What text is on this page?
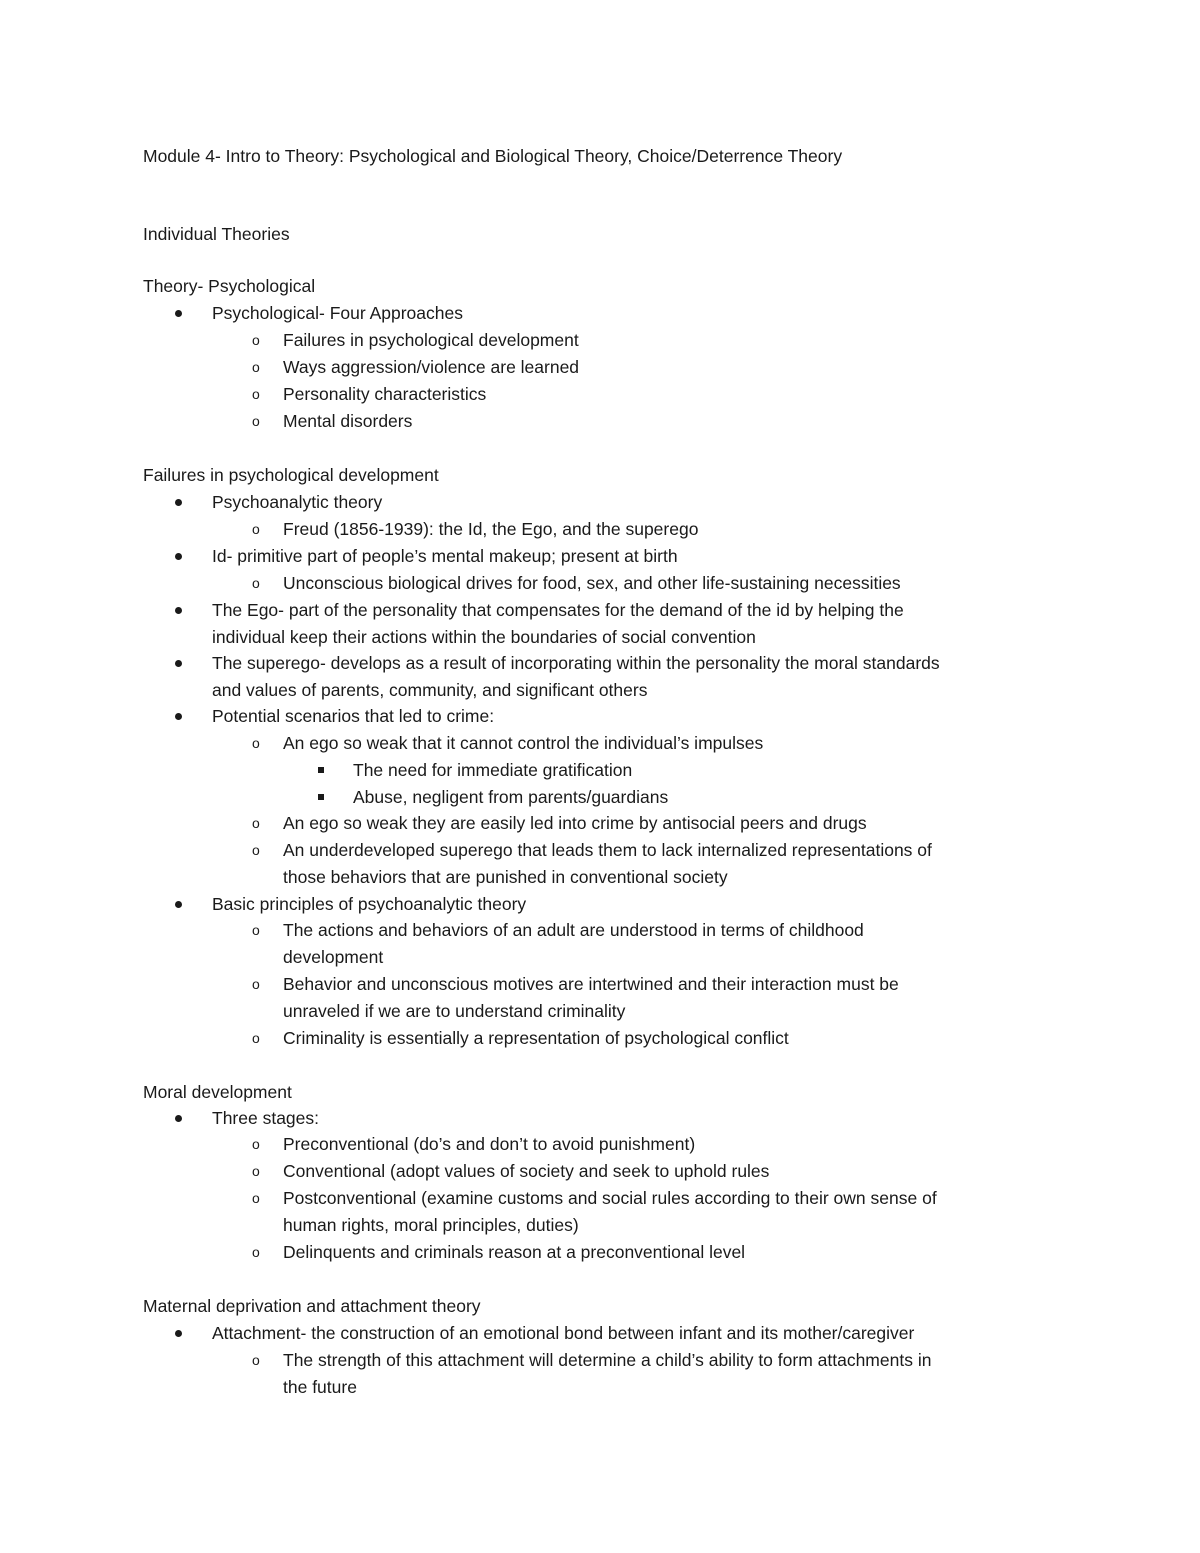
Module 4- Intro to Theory: Psychological and Biological Theory, Choice/Deterrence Theory
Individual Theories
Theory- Psychological
Psychological- Four Approaches
o Failures in psychological development
o Ways aggression/violence are learned
o Personality characteristics
o Mental disorders
Failures in psychological development
Psychoanalytic theory
o Freud (1856-1939): the Id, the Ego, and the superego
Id- primitive part of people’s mental makeup; present at birth
o Unconscious biological drives for food, sex, and other life-sustaining necessities
The Ego- part of the personality that compensates for the demand of the id by helping the
individual keep their actions within the boundaries of social convention
The superego- develops as a result of incorporating within the personality the moral standards
and values of parents, community, and significant others
Potential scenarios that led to crime:
o An ego so weak that it cannot control the individual’s impulses
The need for immediate gratification
Abuse, negligent from parents/guardians
o An ego so weak they are easily led into crime by antisocial peers and drugs
o An underdeveloped superego that leads them to lack internalized representations of
those behaviors that are punished in conventional society
Basic principles of psychoanalytic theory
o The actions and behaviors of an adult are understood in terms of childhood
development
o Behavior and unconscious motives are intertwined and their interaction must be
unraveled if we are to understand criminality
o Criminality is essentially a representation of psychological conflict
Moral development
Three stages:
o Preconventional (do’s and don’t to avoid punishment)
o Conventional (adopt values of society and seek to uphold rules
o Postconventional (examine customs and social rules according to their own sense of
human rights, moral principles, duties)
o Delinquents and criminals reason at a preconventional level
Maternal deprivation and attachment theory
Attachment- the construction of an emotional bond between infant and its mother/caregiver
o The strength of this attachment will determine a child’s ability to form attachments in
the future
